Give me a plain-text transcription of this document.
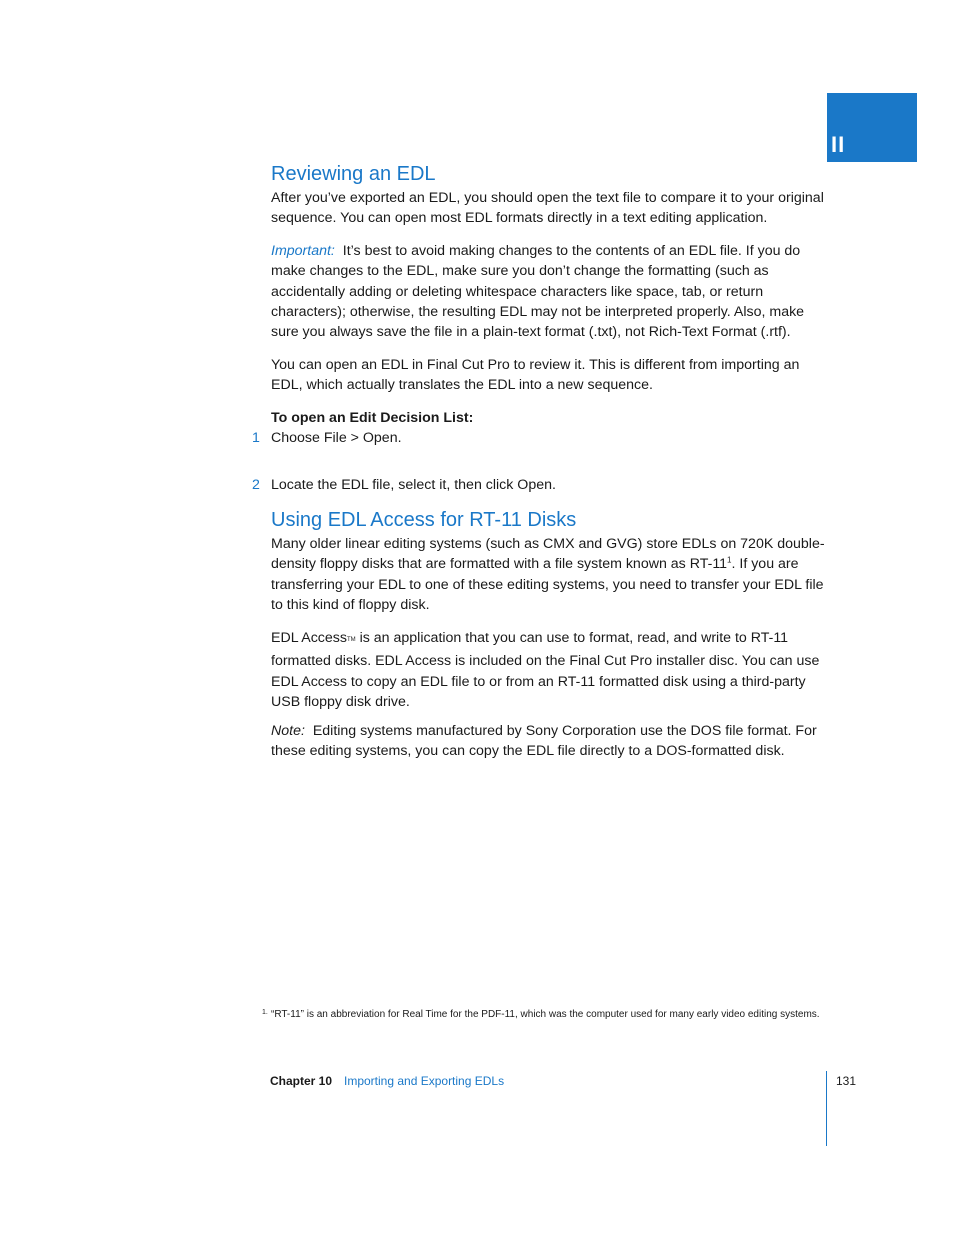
II
Reviewing an EDL

After you’ve exported an EDL, you should open the text file to compare it to your original sequence. You can open most EDL formats directly in a text editing application.

Important: It’s best to avoid making changes to the contents of an EDL file. If you do make changes to the EDL, make sure you don’t change the formatting (such as accidentally adding or deleting whitespace characters like space, tab, or return characters); otherwise, the resulting EDL may not be interpreted properly. Also, make sure you always save the file in a plain-text format (.txt), not Rich-Text Format (.rtf).

You can open an EDL in Final Cut Pro to review it. This is different from importing an EDL, which actually translates the EDL into a new sequence.

To open an Edit Decision List:

1 Choose File > Open.

2 Locate the EDL file, select it, then click Open.

Using EDL Access for RT-11 Disks

Many older linear editing systems (such as CMX and GVG) store EDLs on 720K double-density floppy disks that are formatted with a file system known as $RT-11^1$. If you are transferring your EDL to one of these editing systems, you need to transfer your EDL file to this kind of floppy disk.

EDL AccessTM is an application that you can use to format, read, and write to RT-11 formatted disks. EDL Access is included on the Final Cut Pro installer disc. You can use EDL Access to copy an EDL file to or from an RT-11 formatted disk using a third-party USB floppy disk drive.

Note: Editing systems manufactured by Sony Corporation use the DOS file format. For these editing systems, you can copy the EDL file directly to a DOS-formatted disk.

1. “RT-11” is an abbreviation for Real Time for the PDF-11, which was the computer used for many early video editing systems.
Chapter 10 Importing and Exporting EDLs	131
